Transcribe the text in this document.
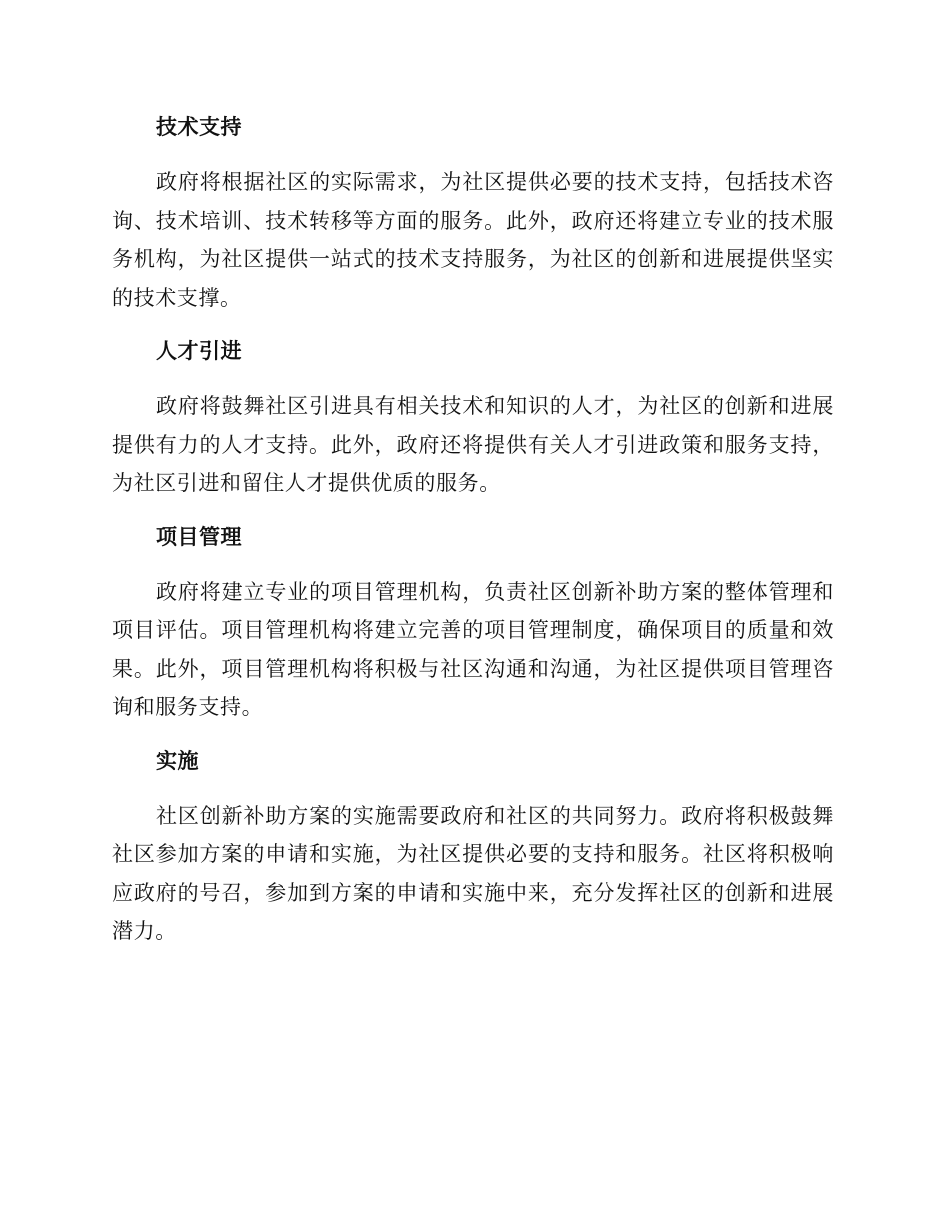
技术支持

政府将根据社区的实际需求，为社区提供必要的技术支持，包括技术咨询、技术培训、技术转移等方面的服务。此外，政府还将建立专业的技术服务机构，为社区提供一站式的技术支持服务，为社区的创新和进展提供坚实的技术支撑。

人才引进

政府将鼓舞社区引进具有相关技术和知识的人才，为社区的创新和进展提供有力的人才支持。此外，政府还将提供有关人才引进政策和服务支持，为社区引进和留住人才提供优质的服务。

项目管理

政府将建立专业的项目管理机构，负责社区创新补助方案的整体管理和项目评估。项目管理机构将建立完善的项目管理制度，确保项目的质量和效果。此外，项目管理机构将积极与社区沟通和沟通，为社区提供项目管理咨询和服务支持。

实施

社区创新补助方案的实施需要政府和社区的共同努力。政府将积极鼓舞社区参加方案的申请和实施，为社区提供必要的支持和服务。社区将积极响应政府的号召，参加到方案的申请和实施中来，充分发挥社区的创新和进展潜力。
